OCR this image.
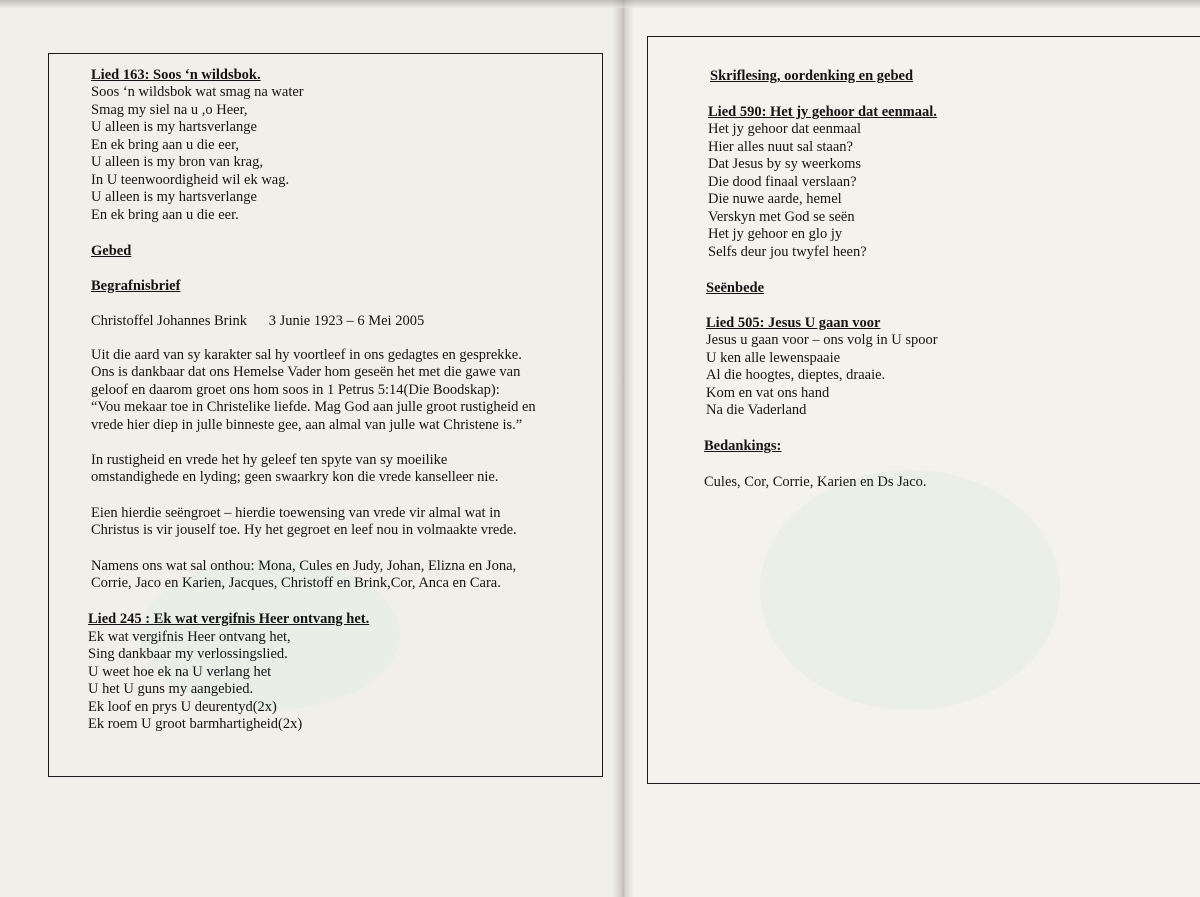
Lied 163: Soos ‘n wildsbok.
Soos ‘n wildsbok wat smag na water
Smag my siel na u ,o Heer,
U alleen is my hartsverlange
En ek bring aan u die eer,
U alleen is my bron van krag,
In U teenwoordigheid wil ek wag.
U alleen is my hartsverlange
En ek bring aan u die eer.
Gebed
Begrafnisbrief
Christoffel Johannes Brink      3 Junie 1923 – 6 Mei 2005
Uit die aard van sy karakter sal hy voortleef in ons gedagtes en gesprekke.
Ons is dankbaar dat ons Hemelse Vader hom geseën het met die gawe van
geloof en daarom groet ons hom soos in 1 Petrus 5:14(Die Boodskap):
“Vou mekaar toe in Christelike liefde. Mag God aan julle groot rustigheid en
vrede hier diep in julle binneste gee, aan almal van julle wat Christene is.”
In rustigheid en vrede het hy geleef ten spyte van sy moeilike
omstandighede en lyding; geen swaarkry kon die vrede kanselleer nie.
Eien hierdie seëngroet – hierdie toewensing van vrede vir almal wat in
Christus is vir jouself toe. Hy het gegroet en leef nou in volmaakte vrede.
Namens ons wat sal onthou: Mona, Cules en Judy, Johan, Elizna en Jona,
Corrie, Jaco en Karien, Jacques, Christoff en Brink,Cor, Anca en Cara.
Lied 245 : Ek wat vergifnis Heer ontvang het.
Ek wat vergifnis Heer ontvang het,
Sing dankbaar my verlossingslied.
U weet hoe ek na U verlang het
U het U guns my aangebied.
Ek loof en prys U deurentyd(2x)
Ek roem U groot barmhartigheid(2x)
Skriflesing, oordenking en gebed
Lied 590: Het jy gehoor dat eenmaal.
Het jy gehoor dat eenmaal
Hier alles nuut sal staan?
Dat Jesus by sy weerkoms
Die dood finaal verslaan?
Die nuwe aarde, hemel
Verskyn met God se seën
Het jy gehoor en glo jy
Selfs deur jou twyfel heen?
Seënbede
Lied 505: Jesus U gaan voor
Jesus u gaan voor – ons volg in U spoor
U ken alle lewenspaaie
Al die hoogtes, dieptes, draaie.
Kom en vat ons hand
Na die Vaderland
Bedankings:
Cules, Cor, Corrie, Karien en Ds Jaco.
